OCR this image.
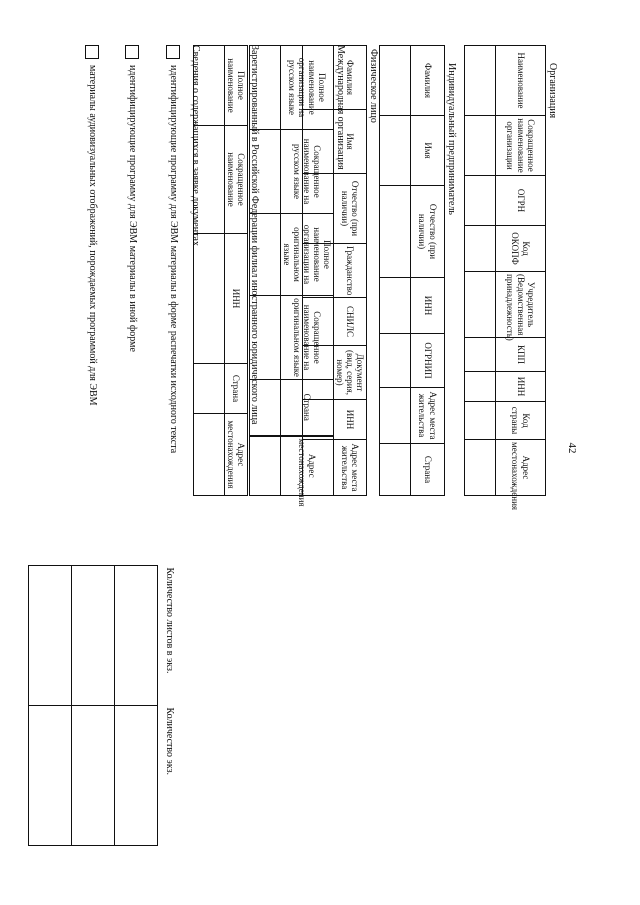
42
Организация
Наименование	Сокращенное наименование организации	ОГРН	Код ОКОПФ	Учредитель (Ведомственная принадлежность)	КПП	ИНН	Код страны	Адрес местонахождения

Индивидуальный предприниматель
Фамилия	Имя	Отчество (при наличии)	ИНН	ОГРНИП	Адрес места жительства	Страна

Физическое лицо
Фамилия	Имя	Отчество (при наличии)	Гражданство	СНИЛС	Документ (вид, серия, номер)	ИНН	Адрес места жительства

Международная организация
Полное наименование организации на русском языке	Сокращенное наименование на русском языке	Полное наименование организации на оригинальном языке	Сокращенное наименование на оригинальном языке	Страна	Адрес местонахождения

Зарегистрированный в Российской Федерации филиал иностранного юридического лица
Полное наименование	Сокращенное наименование	ИНН	Страна	Адрес местонахождения

Сведения о содержащихся в заявке документах
идентифицирующие программу для ЭВМ материалы в форме распечатки исходного текста
идентифицирующие программу для ЭВМ материалы в иной форме
материалы аудиовизуальных отображений, порождаемых программой для ЭВМ
Количество листов в экз.	Количество экз.
